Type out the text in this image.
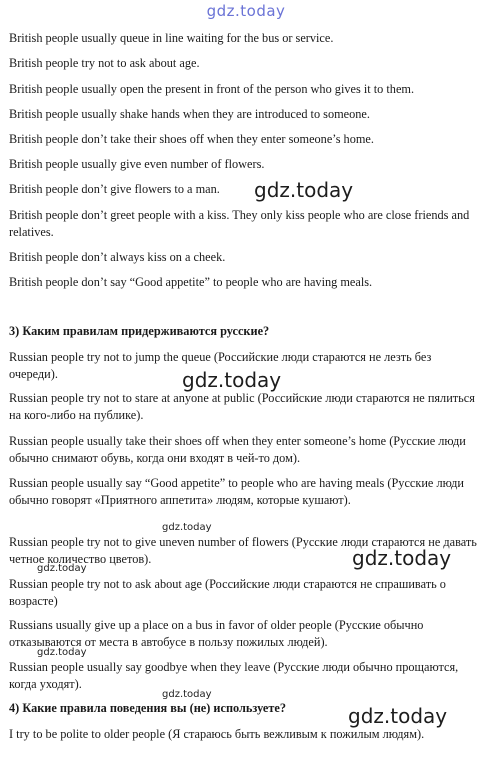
gdz.today

British people usually queue in line waiting for the bus or service.

British people try not to ask about age.

British people usually open the present in front of the person who gives it to them.

British people usually shake hands when they are introduced to someone.

British people don’t take their shoes off when they enter someone’s home.

British people usually give even number of flowers.

British people don’t give flowers to a man.

British people don’t greet people with a kiss. They only kiss people who are close friends and relatives.

British people don’t always kiss on a cheek.

British people don’t say “Good appetite” to people who are having meals.

3) Каким правилам придерживаются русские?

Russian people try not to jump the queue (Российские люди стараются не лезть без очереди).

Russian people try not to stare at anyone at public (Российские люди стараются не пялиться на кого-либо на публике).

Russian people usually take their shoes off when they enter someone’s home (Русские люди обычно снимают обувь, когда они входят в чей-то дом).

Russian people usually say “Good appetite” to people who are having meals (Русские люди обычно говорят «Приятного аппетита» людям, которые кушают).

Russian people try not to give uneven number of flowers (Русские люди стараются не давать четное количество цветов).

Russian people try not to ask about age (Российские люди стараются не спрашивать о возрасте)

Russians usually give up a place on a bus in favor of older people (Русские обычно отказываются от места в автобусе в пользу пожилых людей).

Russian people usually say goodbye when they leave (Русские люди обычно прощаются, когда уходят).

4) Какие правила поведения вы (не) используете?

I try to be polite to older people (Я стараюсь быть вежливым к пожилым людям).

gdz.today
gdz.today
gdz.today
gdz.today
gdz.today
gdz.today
gdz.today
gdz.today
